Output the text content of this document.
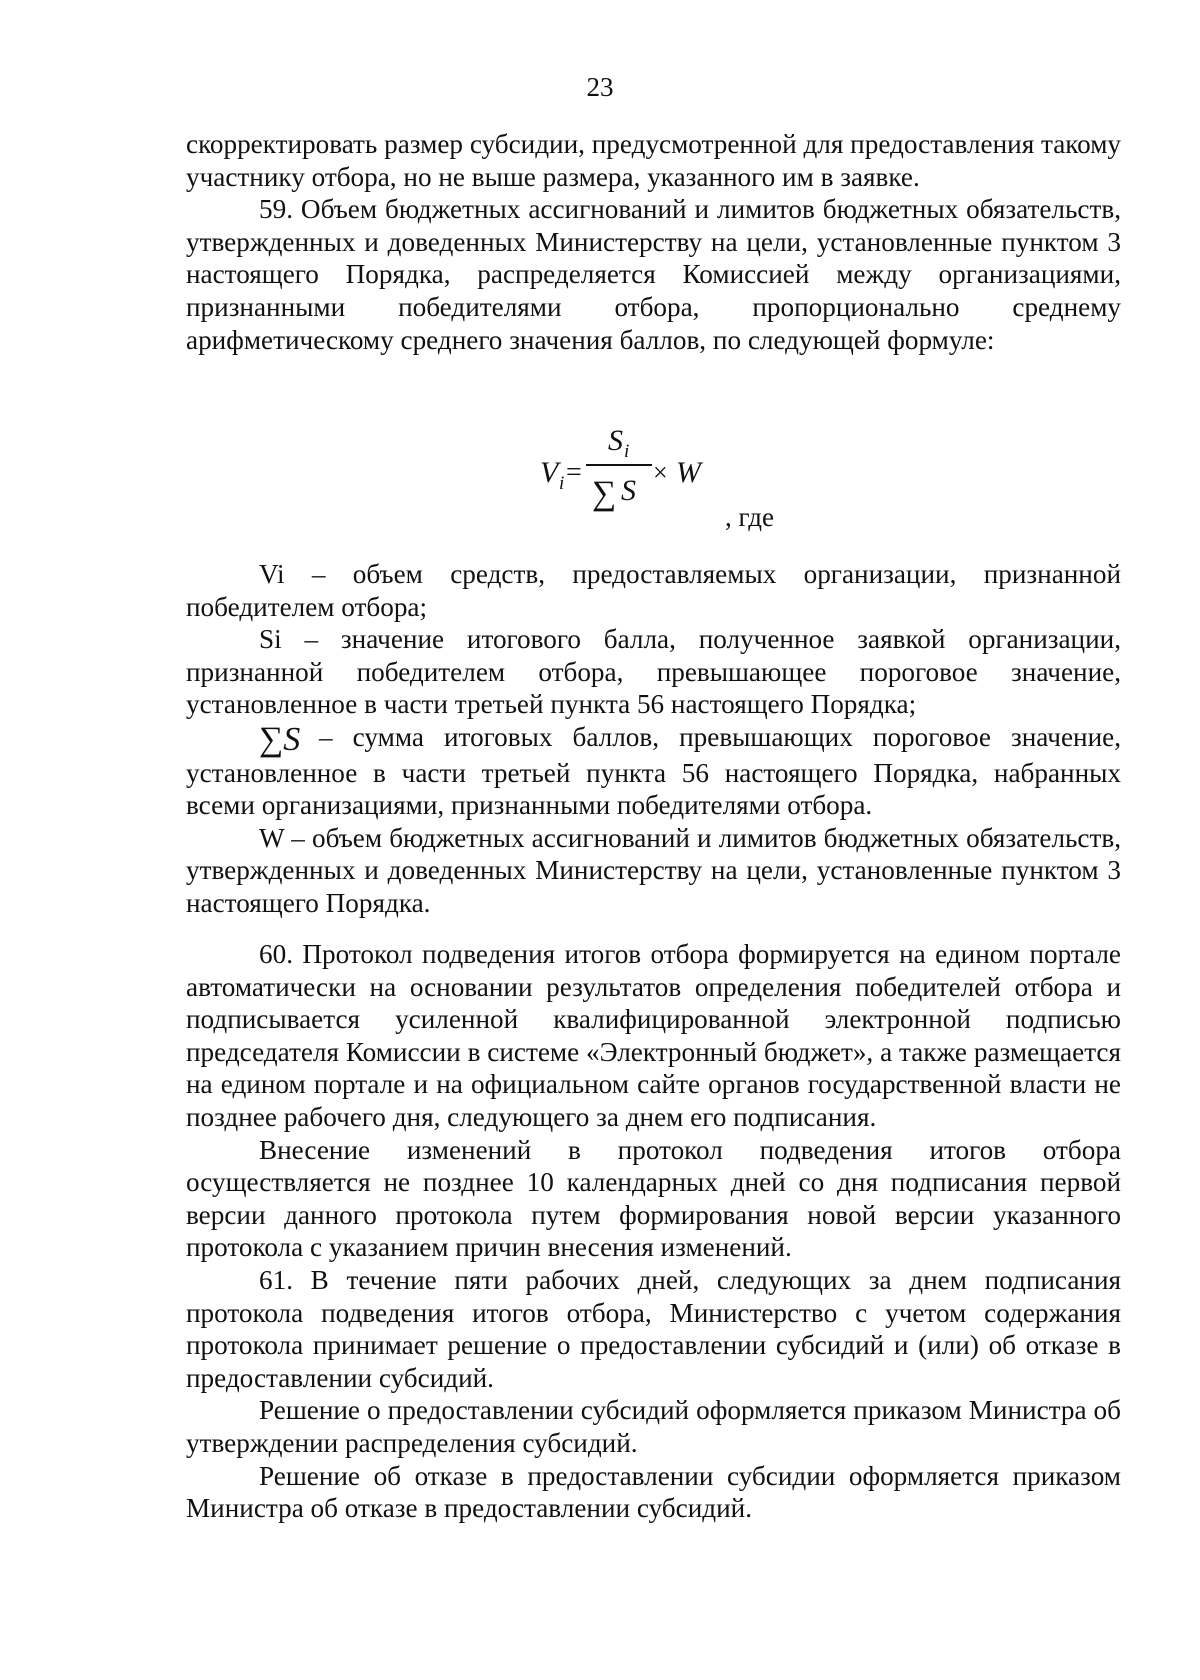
23

скорректировать размер субсидии, предусмотренной для предоставления такому участнику отбора, но не выше размера, указанного им в заявке.

59. Объем бюджетных ассигнований и лимитов бюджетных обязательств, утвержденных и доведенных Министерству на цели, установленные пунктом 3 настоящего Порядка, распределяется Комиссией между организациями, признанными победителями отбора, пропорционально среднему арифметическому среднего значения баллов, по следующей формуле:

V i =
S i
∑ S
× W
, где

Vi – объем средств, предоставляемых организации, признанной победителем отбора;

Si – значение итогового балла, полученное заявкой организации, признанной победителем отбора, превышающее пороговое значение, установленное в части третьей пункта 56 настоящего Порядка;

∑S – сумма итоговых баллов, превышающих пороговое значение, установленное в части третьей пункта 56 настоящего Порядка, набранных всеми организациями, признанными победителями отбора.

W – объем бюджетных ассигнований и лимитов бюджетных обязательств, утвержденных и доведенных Министерству на цели, установленные пунктом 3 настоящего Порядка.

60. Протокол подведения итогов отбора формируется на едином портале автоматически на основании результатов определения победителей отбора и подписывается усиленной квалифицированной электронной подписью председателя Комиссии в системе «Электронный бюджет», а также размещается на едином портале и на официальном сайте органов государственной власти не позднее рабочего дня, следующего за днем его подписания.

Внесение изменений в протокол подведения итогов отбора осуществляется не позднее 10 календарных дней со дня подписания первой версии данного протокола путем формирования новой версии указанного протокола с указанием причин внесения изменений.

61. В течение пяти рабочих дней, следующих за днем подписания протокола подведения итогов отбора, Министерство с учетом содержания протокола принимает решение о предоставлении субсидий и (или) об отказе в предоставлении субсидий.

Решение о предоставлении субсидий оформляется приказом Министра об утверждении распределения субсидий.

Решение об отказе в предоставлении субсидии оформляется приказом Министра об отказе в предоставлении субсидий.
